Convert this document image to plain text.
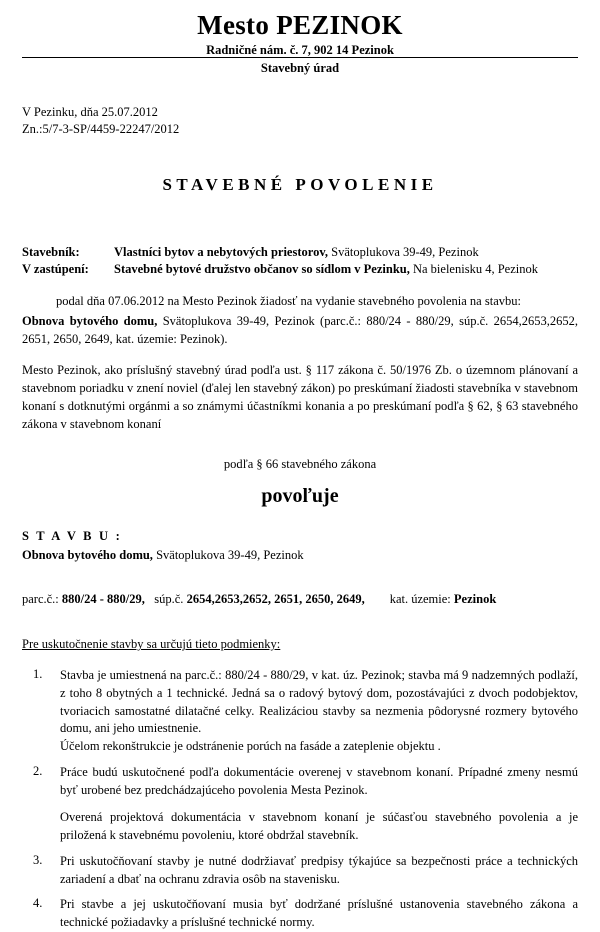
Mesto PEZINOK
Radničné nám. č. 7, 902 14 Pezinok
Stavebný úrad
V Pezinku, dňa 25.07.2012
Zn.:5/7-3-SP/4459-22247/2012
STAVEBNÉ POVOLENIE
Stavebník:	Vlastníci bytov a nebytových priestorov, Svätoplukova 39-49, Pezinok
V zastúpení:	Stavebné bytové družstvo občanov so sídlom v Pezinku, Na bielenisku 4, Pezinok
podal dňa 07.06.2012 na Mesto Pezinok žiadosť na vydanie stavebného povolenia na stavbu:
Obnova bytového domu, Svätoplukova 39-49, Pezinok (parc.č.: 880/24 - 880/29, súp.č. 2654,2653,2652, 2651, 2650, 2649, kat. územie: Pezinok).
Mesto Pezinok, ako príslušný stavebný úrad podľa ust. § 117 zákona č. 50/1976 Zb. o územnom plánovaní a stavebnom poriadku v znení noviel (ďalej len stavebný zákon) po preskúmaní žiadosti stavebníka v stavebnom konaní s dotknutými orgánmi a so známymi účastníkmi konania a po preskúmaní podľa § 62, § 63 stavebného zákona v stavebnom konaní
podľa § 66 stavebného zákona
povoľuje
S T A V B U :
Obnova bytového domu, Svätoplukova 39-49, Pezinok
parc.č.: 880/24 - 880/29,   súp.č. 2654,2653,2652, 2651, 2650, 2649,        kat. územie: Pezinok
Pre uskutočnenie stavby sa určujú tieto podmienky:
1.	Stavba je umiestnená na parc.č.: 880/24 - 880/29, v kat. úz. Pezinok; stavba má 9 nadzemných podlaží, z toho 8 obytných a 1 technické. Jedná sa o radový bytový dom, pozostávajúci z dvoch podobjektov, tvoriacich samostatné dilatačné celky. Realizáciou stavby sa nezmenia pôdorysné rozmery bytového domu, ani jeho umiestnenie.

Účelom rekonštrukcie je odstránenie porúch na fasáde a zateplenie objektu .

2.	Práce budú uskutočnené podľa dokumentácie overenej v stavebnom konaní. Prípadné zmeny nesmú byť urobené bez predchádzajúceho povolenia Mesta Pezinok.

Overená projektová dokumentácia v stavebnom konaní je súčasťou stavebného povolenia a je priložená k stavebnému povoleniu, ktoré obdržal stavebník.

3.	Pri uskutočňovaní stavby je nutné dodržiavať predpisy týkajúce sa bezpečnosti práce a technických zariadení a dbať na ochranu zdravia osôb na stavenisku.

4.	Pri stavbe a jej uskutočňovaní musia byť dodržané príslušné ustanovenia stavebného zákona a technické požiadavky a príslušné technické normy.
